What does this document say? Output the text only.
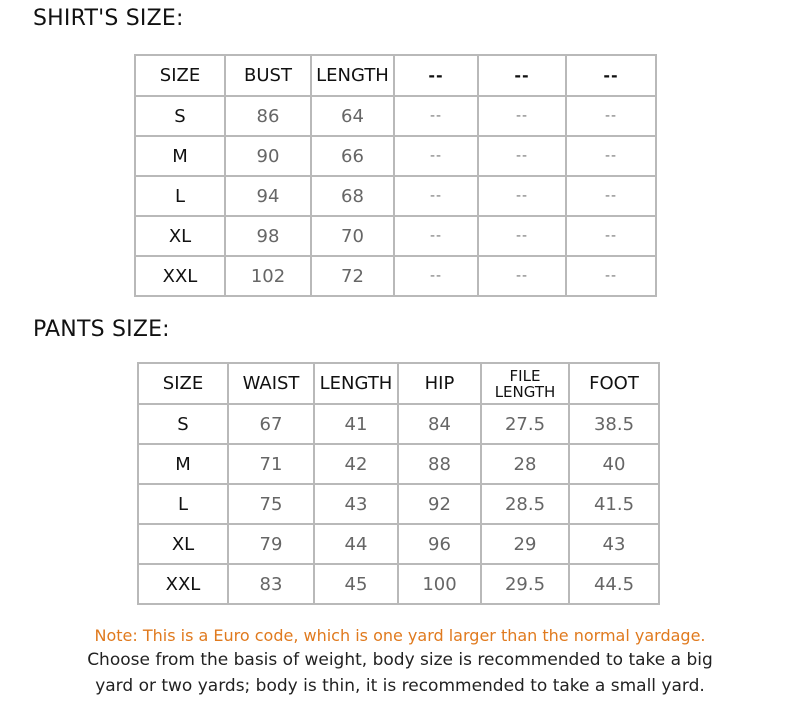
SHIRT'S SIZE:
SIZE	BUST	LENGTH	--	--	--
S	86	64	--	--	--
M	90	66	--	--	--
L	94	68	--	--	--
XL	98	70	--	--	--
XXL	102	72	--	--	--
PANTS SIZE:
SIZE	WAIST	LENGTH	HIP	FILE LENGTH	FOOT
S	67	41	84	27.5	38.5
M	71	42	88	28	40
L	75	43	92	28.5	41.5
XL	79	44	96	29	43
XXL	83	45	100	29.5	44.5
Note: This is a Euro code, which is one yard larger than the normal yardage.
Choose from the basis of weight, body size is recommended to take a big
yard or two yards; body is thin, it is recommended to take a small yard.
